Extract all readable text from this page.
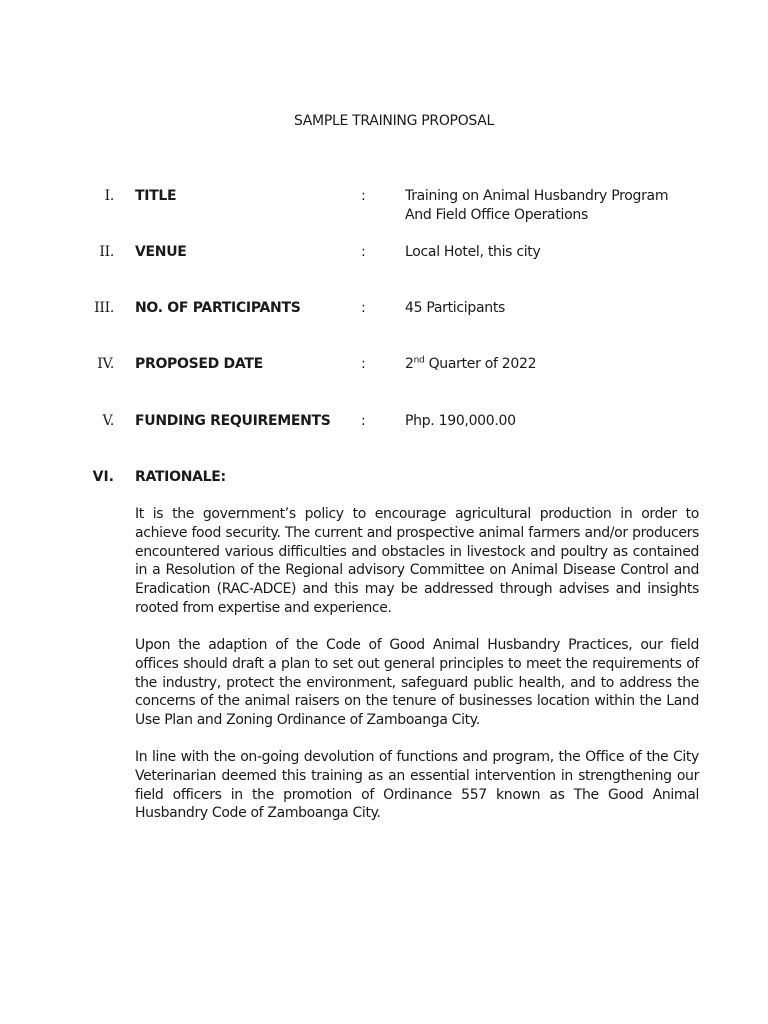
SAMPLE TRAINING PROPOSAL
I. TITLE	:	Training on Animal Husbandry Program
And Field Office Operations
II. VENUE	:	Local Hotel, this city
III. NO. OF PARTICIPANTS	:	45 Participants
IV. PROPOSED DATE	:	2nd Quarter of 2022
V. FUNDING REQUIREMENTS :	Php. 190,000.00
VI. RATIONALE:

It is the government’s policy to encourage agricultural production in order to achieve food security. The current and prospective animal farmers and/or producers encountered various difficulties and obstacles in livestock and poultry as contained in a Resolution of the Regional advisory Committee on Animal Disease Control and Eradication (RAC-ADCE) and this may be addressed through advises and insights rooted from expertise and experience.

Upon the adaption of the Code of Good Animal Husbandry Practices, our field offices should draft a plan to set out general principles to meet the requirements of the industry, protect the environment, safeguard public health, and to address the concerns of the animal raisers on the tenure of businesses location within the Land Use Plan and Zoning Ordinance of Zamboanga City.

In line with the on-going devolution of functions and program, the Office of the City Veterinarian deemed this training as an essential intervention in strengthening our field officers in the promotion of Ordinance 557 known as The Good Animal Husbandry Code of Zamboanga City.
